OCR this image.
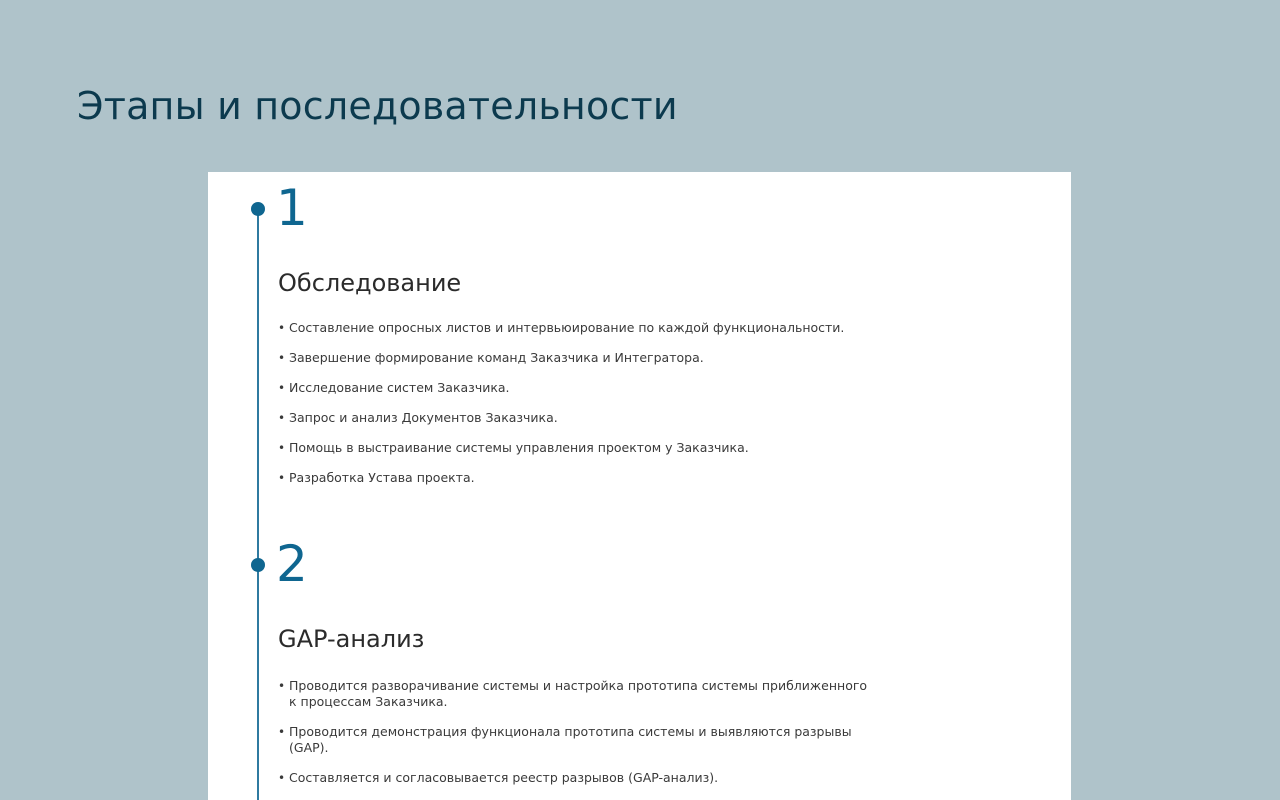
Этапы и последовательности
1
Обследование
• Составление опросных листов и интервьюирование по каждой функциональности.
• Завершение формирование команд Заказчика и Интегратора.
• Исследование систем Заказчика.
• Запрос и анализ Документов Заказчика.
• Помощь в выстраивание системы управления проектом у Заказчика.
• Разработка Устава проекта.
2
GAP-анализ
• Проводится разворачивание системы и настройка прототипа системы приближенного к процессам Заказчика.
• Проводится демонстрация функционала прототипа системы и выявляются разрывы (GAP).
• Составляется и согласовывается реестр разрывов (GAP-анализ).
